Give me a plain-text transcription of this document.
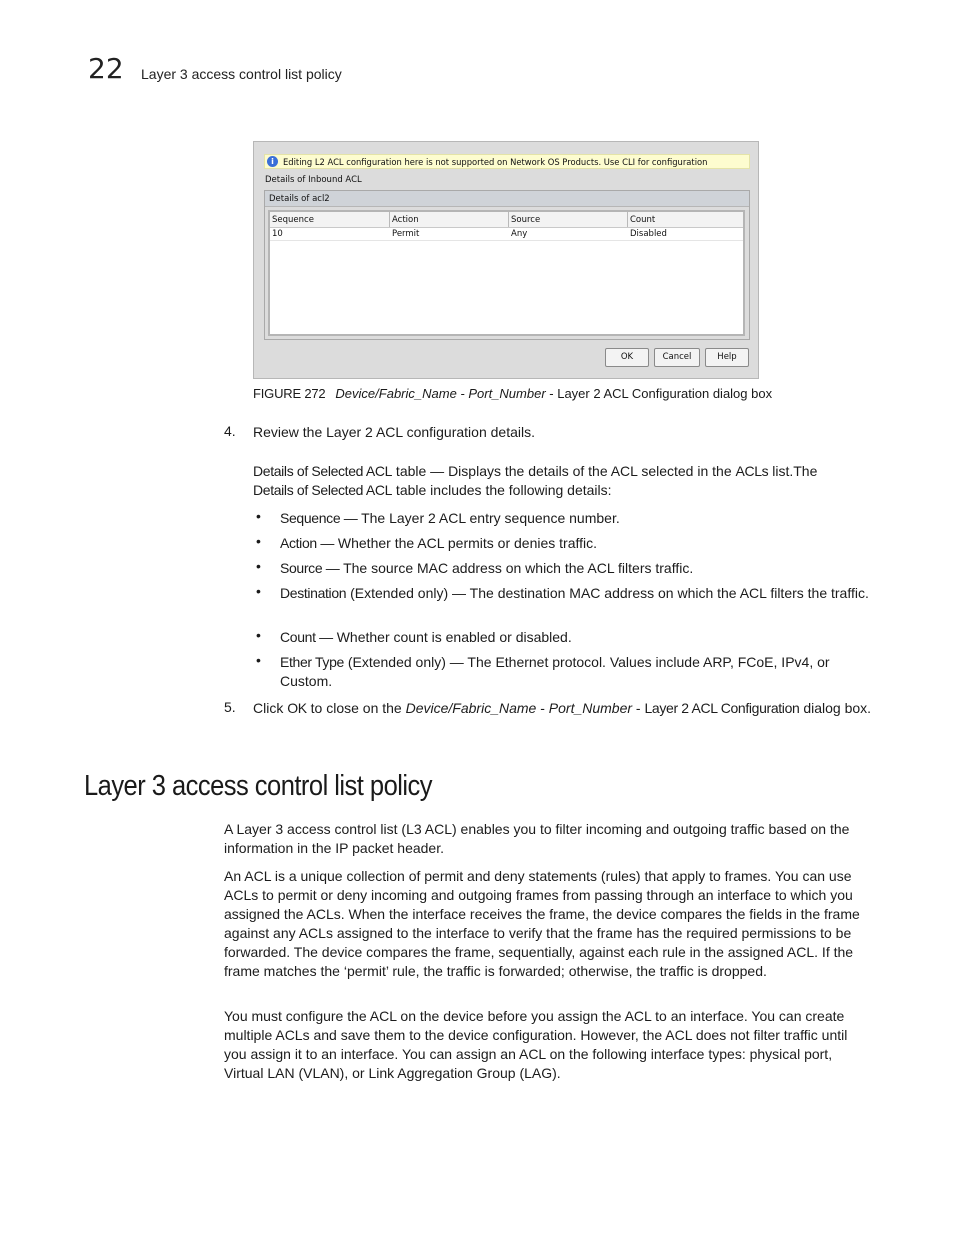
22 Layer 3 access control list policy
i	Editing L2 ACL configuration here is not supported on Network OS Products. Use CLI for configuration
Details of Inbound ACL
Details of acl2
Sequence	Action	Source	Count
10	Permit	Any	Disabled
OK	Cancel	Help
FIGURE 272 Device/Fabric_Name - Port_Number - Layer 2 ACL Configuration dialog box
4. Review the Layer 2 ACL configuration details.
Details of Selected ACL table — Displays the details of the ACL selected in the ACLs list.The
Details of Selected ACL table includes the following details:
• Sequence — The Layer 2 ACL entry sequence number.
• Action — Whether the ACL permits or denies traffic.
• Source — The source MAC address on which the ACL filters traffic.
• Destination (Extended only) — The destination MAC address on which the ACL filters the traffic.
• Count — Whether count is enabled or disabled.
• Ether Type (Extended only) — The Ethernet protocol. Values include ARP, FCoE, IPv4, or Custom.
5. Click OK to close on the Device/Fabric_Name - Port_Number - Layer 2 ACL Configuration dialog box.
Layer 3 access control list policy
A Layer 3 access control list (L3 ACL) enables you to filter incoming and outgoing traffic based on the information in the IP packet header.
An ACL is a unique collection of permit and deny statements (rules) that apply to frames. You can use ACLs to permit or deny incoming and outgoing frames from passing through an interface to which you assigned the ACLs. When the interface receives the frame, the device compares the fields in the frame against any ACLs assigned to the interface to verify that the frame has the required permissions to be forwarded. The device compares the frame, sequentially, against each rule in the assigned ACL. If the frame matches the ‘permit’ rule, the traffic is forwarded; otherwise, the traffic is dropped.
You must configure the ACL on the device before you assign the ACL to an interface. You can create multiple ACLs and save them to the device configuration. However, the ACL does not filter traffic until you assign it to an interface. You can assign an ACL on the following interface types: physical port, Virtual LAN (VLAN), or Link Aggregation Group (LAG).
